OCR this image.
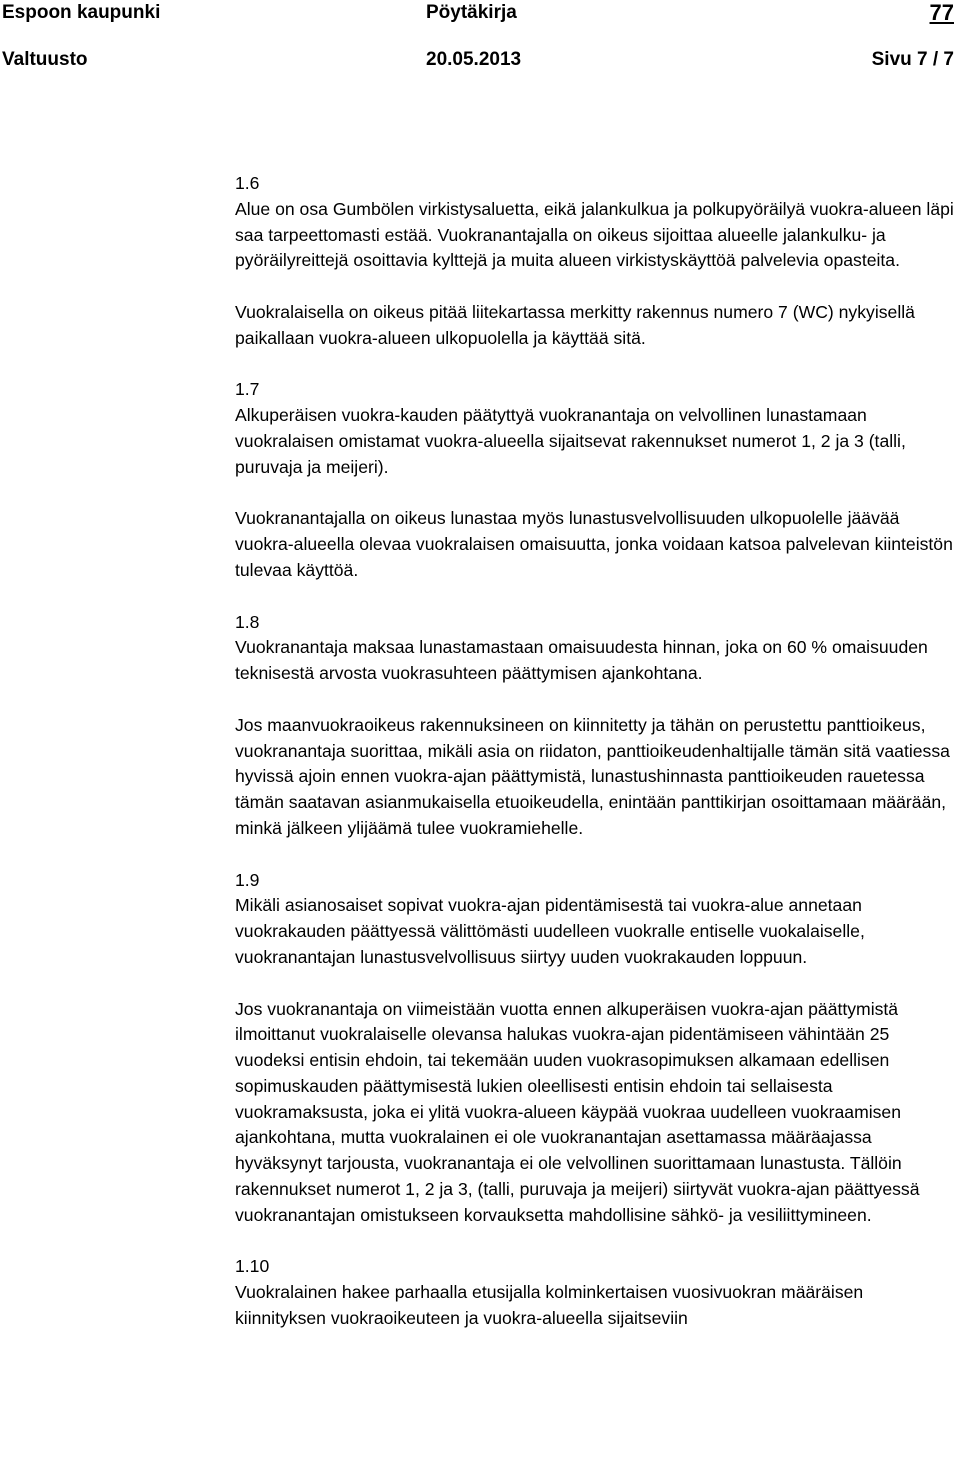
Espoon kaupunki	Pöytäkirja	77
Valtuusto	20.05.2013	Sivu 7 / 7
1.6
Alue on osa Gumbölen virkistysaluetta, eikä jalankulkua ja polkupyöräilyä vuokra-alueen läpi saa tarpeettomasti estää. Vuokranantajalla on oikeus sijoittaa alueelle jalankulku- ja pyöräilyreittejä osoittavia kylttejä ja muita alueen virkistyskäyttöä palvelevia opasteita.
Vuokralaisella on oikeus pitää liitekartassa merkitty rakennus numero 7 (WC) nykyisellä paikallaan vuokra-alueen ulkopuolella ja käyttää sitä.
1.7
Alkuperäisen vuokra-kauden päätyttyä vuokranantaja on velvollinen lunastamaan vuokralaisen omistamat vuokra-alueella sijaitsevat rakennukset numerot 1, 2 ja 3 (talli, puruvaja ja meijeri).
Vuokranantajalla on oikeus lunastaa myös lunastusvelvollisuuden ulkopuolelle jäävää vuokra-alueella olevaa vuokralaisen omaisuutta, jonka voidaan katsoa palvelevan kiinteistön tulevaa käyttöä.
1.8
Vuokranantaja maksaa lunastamastaan omaisuudesta hinnan, joka on 60 % omaisuuden teknisestä arvosta vuokrasuhteen päättymisen ajankohtana.
Jos maanvuokraoikeus rakennuksineen on kiinnitetty ja tähän on perustettu panttioikeus, vuokranantaja suorittaa, mikäli asia on riidaton, panttioikeudenhaltijalle tämän sitä vaatiessa hyvissä ajoin ennen vuokra-ajan päättymistä, lunastushinnasta panttioikeuden rauetessa tämän saatavan asianmukaisella etuoikeudella, enintään panttikirjan osoittamaan määrään, minkä jälkeen ylijäämä tulee vuokramiehelle.
1.9
Mikäli asianosaiset sopivat vuokra-ajan pidentämisestä tai vuokra-alue annetaan vuokrakauden päättyessä välittömästi uudelleen vuokralle entiselle vuokalaiselle, vuokranantajan lunastusvelvollisuus siirtyy uuden vuokrakauden loppuun.
Jos vuokranantaja on viimeistään vuotta ennen alkuperäisen vuokra-ajan päättymistä ilmoittanut vuokralaiselle olevansa halukas vuokra-ajan pidentämiseen vähintään 25 vuodeksi entisin ehdoin, tai tekemään uuden vuokrasopimuksen alkamaan edellisen sopimuskauden päättymisestä lukien oleellisesti entisin ehdoin tai sellaisesta vuokramaksusta, joka ei ylitä vuokra-alueen käypää vuokraa uudelleen vuokraamisen ajankohtana, mutta vuokralainen ei ole vuokranantajan asettamassa määräajassa hyväksynyt tarjousta, vuokranantaja ei ole velvollinen suorittamaan lunastusta. Tällöin rakennukset numerot 1, 2 ja 3, (talli, puruvaja ja meijeri) siirtyvät vuokra-ajan päättyessä vuokranantajan omistukseen korvauksetta mahdollisine sähkö- ja vesiliittymineen.
1.10
Vuokralainen hakee parhaalla etusijalla kolminkertaisen vuosivuokran määräisen kiinnityksen vuokraoikeuteen ja vuokra-alueella sijaitseviin
